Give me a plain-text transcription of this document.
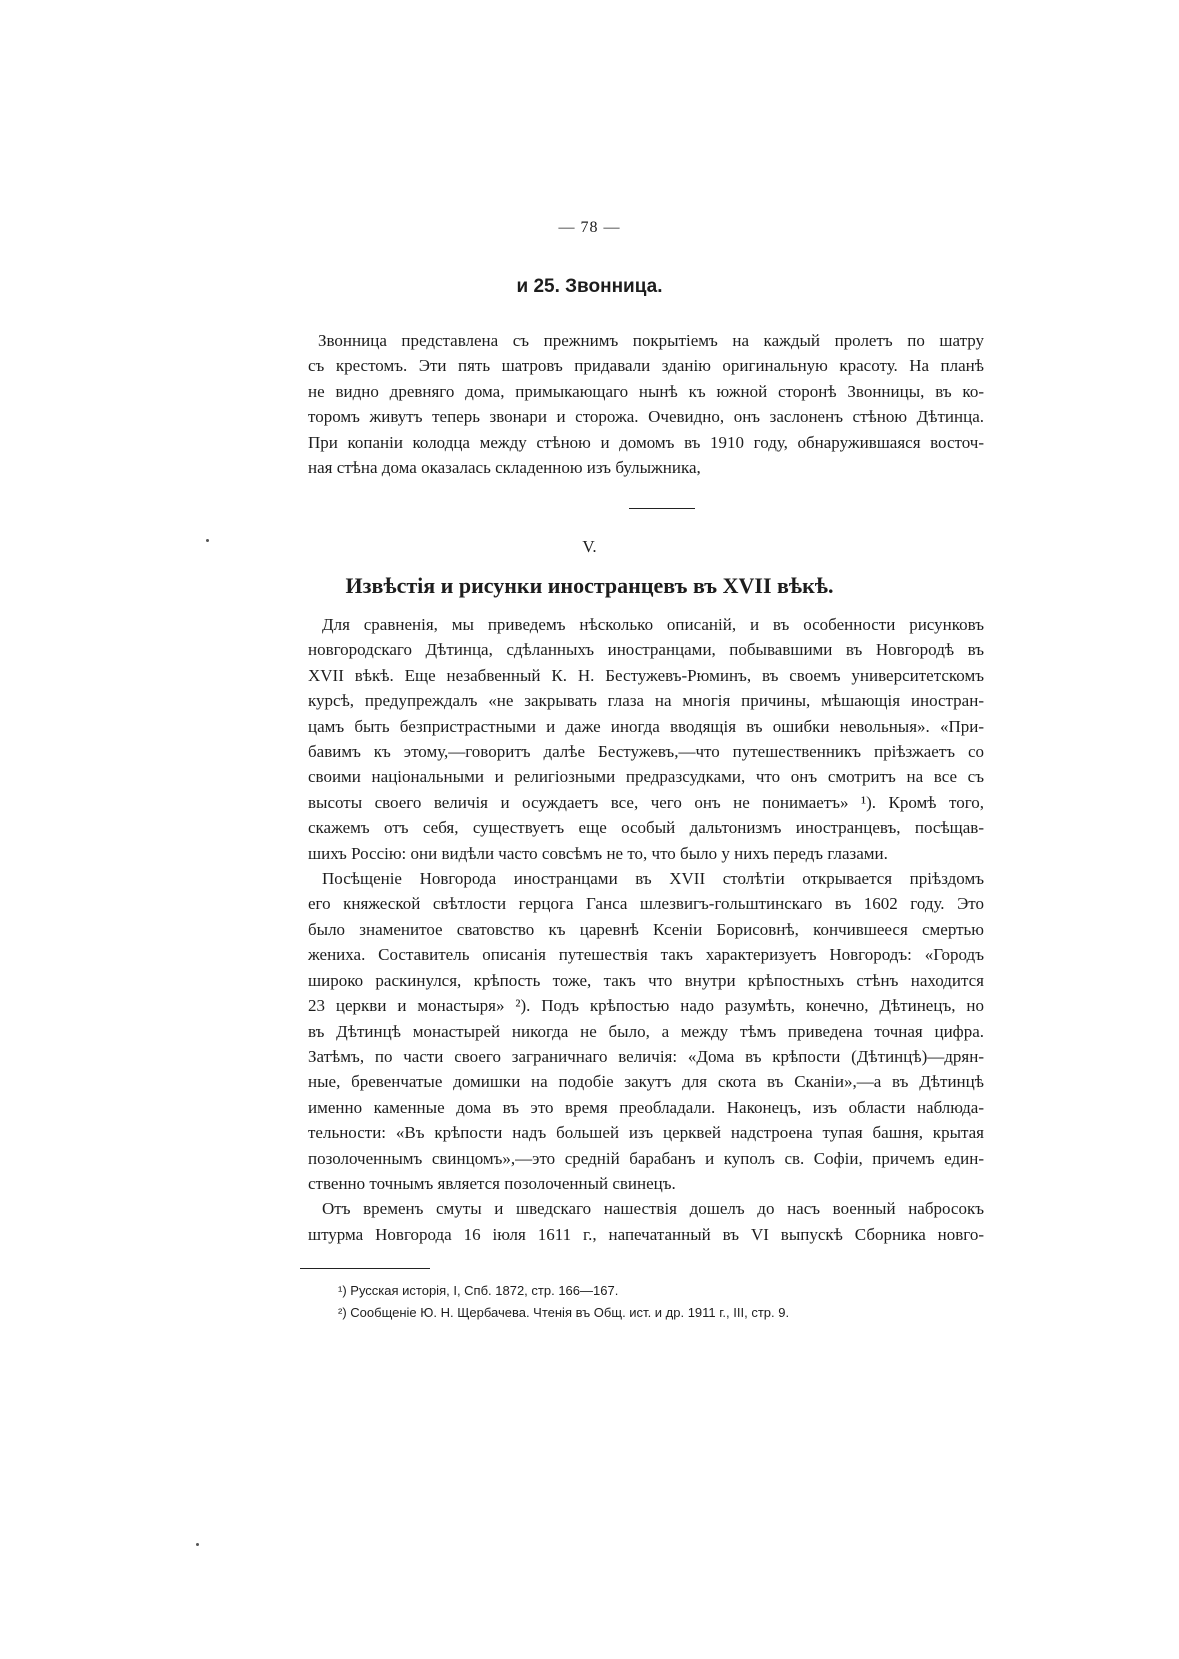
— 78 —
и 25. Звонница.
Звонница представлена съ прежнимъ покрытіемъ на каждый пролетъ по шатру
съ крестомъ. Эти пять шатровъ придавали зданію оригинальную красоту. На планѣ
не видно древняго дома, примыкающаго нынѣ къ южной сторонѣ Звонницы, въ ко-
торомъ живутъ теперь звонари и сторожа. Очевидно, онъ заслоненъ стѣною Дѣтинца.
При копаніи колодца между стѣною и домомъ въ 1910 году, обнаружившаяся восточ-
ная стѣна дома оказалась складенною изъ булыжника,
V.
Извѣстія и рисунки иностранцевъ въ XVII вѣкѣ.
Для сравненія, мы приведемъ нѣсколько описаній, и въ особенности рисунковъ
новгородскаго Дѣтинца, сдѣланныхъ иностранцами, побывавшими въ Новгородѣ въ
XVII вѣкѣ. Еще незабвенный К. Н. Бестужевъ-Рюминъ, въ своемъ университетскомъ
курсѣ, предупреждалъ «не закрывать глаза на многія причины, мѣшающія иностран-
цамъ быть безпристрастными и даже иногда вводящія въ ошибки невольныя». «При-
бавимъ къ этому,—говоритъ далѣе Бестужевъ,—что путешественникъ пріѣзжаетъ со
своими національными и религіозными предразсудками, что онъ смотритъ на все съ
высоты своего величія и осуждаетъ все, чего онъ не понимаетъ» ¹). Кромѣ того,
скажемъ отъ себя, существуетъ еще особый дальтонизмъ иностранцевъ, посѣщав-
шихъ Россію: они видѣли часто совсѣмъ не то, что было у нихъ передъ глазами.
Посѣщеніе Новгорода иностранцами въ XVII столѣтіи открывается пріѣздомъ
его княжеской свѣтлости герцога Ганса шлезвигъ-гольштинскаго въ 1602 году. Это
было знаменитое сватовство къ царевнѣ Ксеніи Борисовнѣ, кончившееся смертью
жениха. Составитель описанія путешествія такъ характеризуетъ Новгородъ: «Городъ
широко раскинулся, крѣпость тоже, такъ что внутри крѣпостныхъ стѣнъ находится
23 церкви и монастыря» ²). Подъ крѣпостью надо разумѣть, конечно, Дѣтинецъ, но
въ Дѣтинцѣ монастырей никогда не было, а между тѣмъ приведена точная цифра.
Затѣмъ, по части своего заграничнаго величія: «Дома въ крѣпости (Дѣтинцѣ)—дрян-
ные, бревенчатые домишки на подобіе закутъ для скота въ Сканіи»,—а въ Дѣтинцѣ
именно каменные дома въ это время преобладали. Наконецъ, изъ области наблюда-
тельности: «Въ крѣпости надъ большей изъ церквей надстроена тупая башня, крытая
позолоченнымъ свинцомъ»,—это средній барабанъ и куполъ св. Софіи, причемъ един-
ственно точнымъ является позолоченный свинецъ.
Отъ временъ смуты и шведскаго нашествія дошелъ до насъ военный набросокъ
штурма Новгорода 16 іюля 1611 г., напечатанный въ VI выпускѣ Сборника новго-
¹) Русская исторія, I, Спб. 1872, стр. 166—167.
²) Сообщеніе Ю. Н. Щербачева. Чтенія въ Общ. ист. и др. 1911 г., III, стр. 9.
